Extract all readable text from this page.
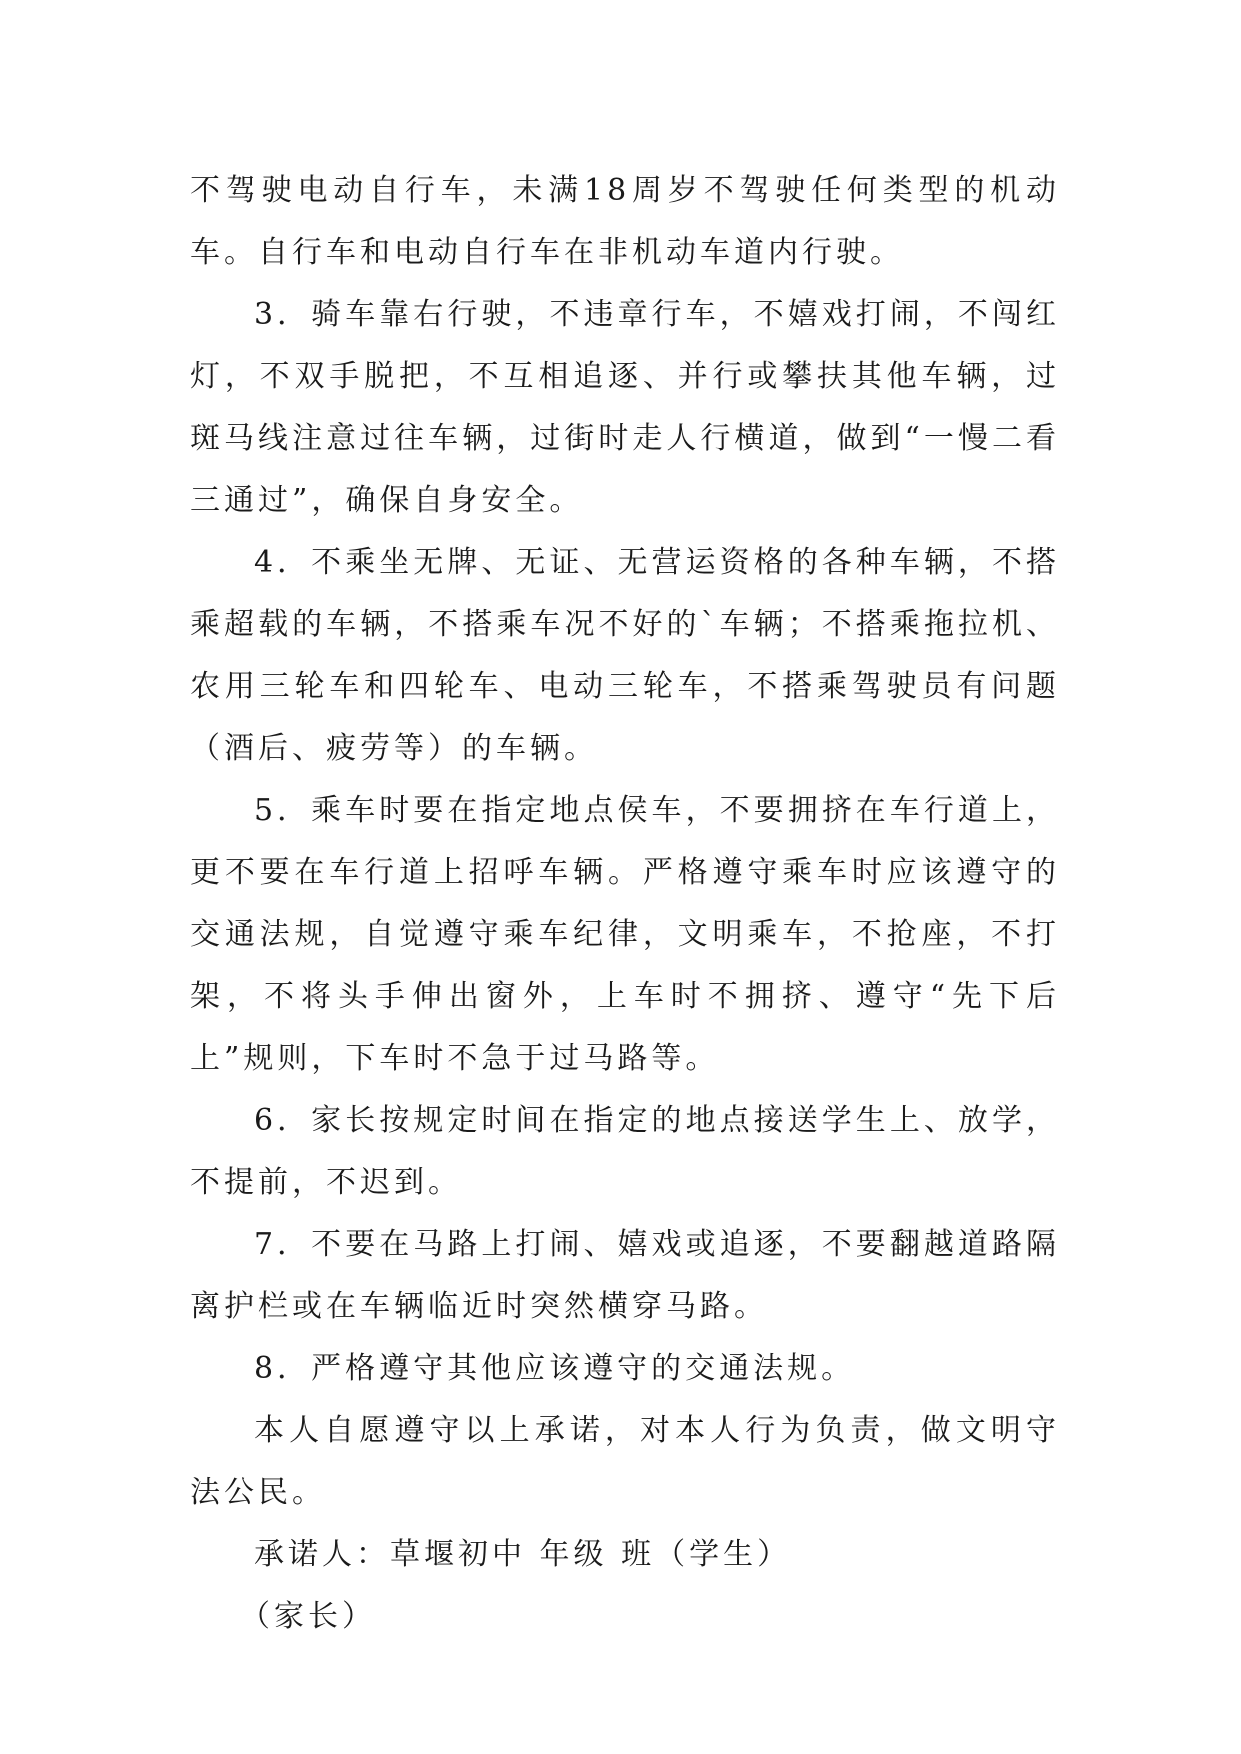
不驾驶电动自行车，未满18周岁不驾驶任何类型的机动车。自行车和电动自行车在非机动车道内行驶。

3．骑车靠右行驶，不违章行车，不嬉戏打闹，不闯红灯，不双手脱把，不互相追逐、并行或攀扶其他车辆，过斑马线注意过往车辆，过街时走人行横道，做到“一慢二看三通过”，确保自身安全。

4．不乘坐无牌、无证、无营运资格的各种车辆，不搭乘超载的车辆，不搭乘车况不好的`车辆；不搭乘拖拉机、农用三轮车和四轮车、电动三轮车，不搭乘驾驶员有问题（酒后、疲劳等）的车辆。

5．乘车时要在指定地点侯车，不要拥挤在车行道上，更不要在车行道上招呼车辆。严格遵守乘车时应该遵守的交通法规，自觉遵守乘车纪律，文明乘车，不抢座，不打架，不将头手伸出窗外，上车时不拥挤、遵守“先下后上”规则，下车时不急于过马路等。

6．家长按规定时间在指定的地点接送学生上、放学，不提前，不迟到。

7．不要在马路上打闹、嬉戏或追逐，不要翻越道路隔离护栏或在车辆临近时突然横穿马路。

8．严格遵守其他应该遵守的交通法规。

本人自愿遵守以上承诺，对本人行为负责，做文明守法公民。

承诺人：草堰初中 年级 班（学生）

（家长）
